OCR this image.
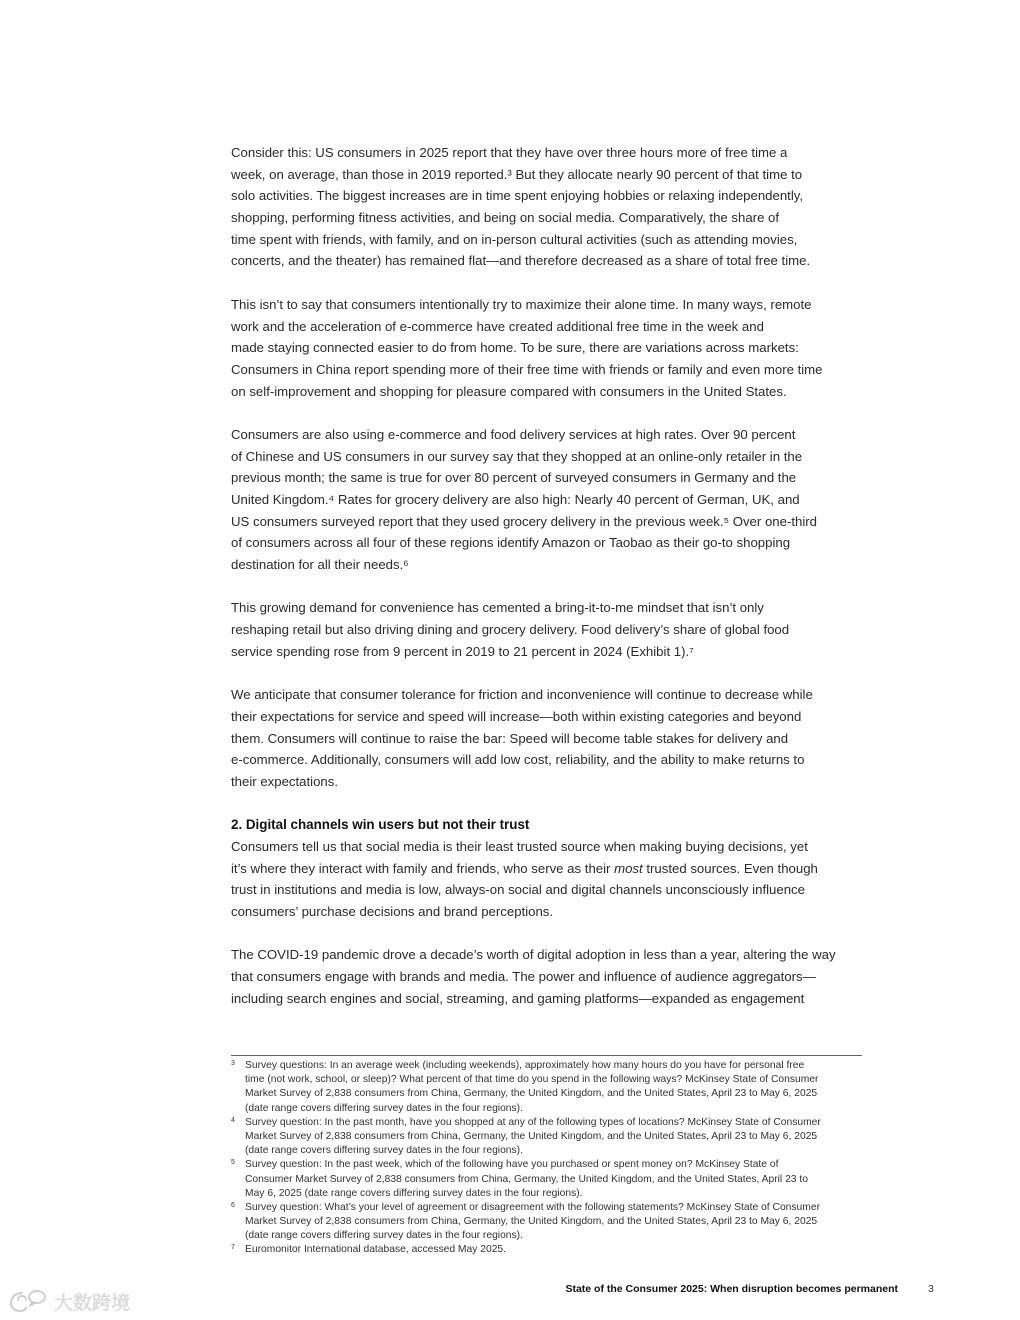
Consider this: US consumers in 2025 report that they have over three hours more of free time a
week, on average, than those in 2019 reported.³ But they allocate nearly 90 percent of that time to
solo activities. The biggest increases are in time spent enjoying hobbies or relaxing independently,
shopping, performing fitness activities, and being on social media. Comparatively, the share of
time spent with friends, with family, and on in-person cultural activities (such as attending movies,
concerts, and the theater) has remained flat—and therefore decreased as a share of total free time.
This isn’t to say that consumers intentionally try to maximize their alone time. In many ways, remote
work and the acceleration of e-commerce have created additional free time in the week and
made staying connected easier to do from home. To be sure, there are variations across markets:
Consumers in China report spending more of their free time with friends or family and even more time
on self-improvement and shopping for pleasure compared with consumers in the United States.
Consumers are also using e-commerce and food delivery services at high rates. Over 90 percent
of Chinese and US consumers in our survey say that they shopped at an online-only retailer in the
previous month; the same is true for over 80 percent of surveyed consumers in Germany and the
United Kingdom.⁴ Rates for grocery delivery are also high: Nearly 40 percent of German, UK, and
US consumers surveyed report that they used grocery delivery in the previous week.⁵ Over one-third
of consumers across all four of these regions identify Amazon or Taobao as their go-to shopping
destination for all their needs.⁶
This growing demand for convenience has cemented a bring-it-to-me mindset that isn’t only
reshaping retail but also driving dining and grocery delivery. Food delivery’s share of global food
service spending rose from 9 percent in 2019 to 21 percent in 2024 (Exhibit 1).⁷
We anticipate that consumer tolerance for friction and inconvenience will continue to decrease while
their expectations for service and speed will increase—both within existing categories and beyond
them. Consumers will continue to raise the bar: Speed will become table stakes for delivery and
e-commerce. Additionally, consumers will add low cost, reliability, and the ability to make returns to
their expectations.
2. Digital channels win users but not their trust
Consumers tell us that social media is their least trusted source when making buying decisions, yet
it’s where they interact with family and friends, who serve as their most trusted sources. Even though
trust in institutions and media is low, always-on social and digital channels unconsciously influence
consumers’ purchase decisions and brand perceptions.
The COVID-19 pandemic drove a decade’s worth of digital adoption in less than a year, altering the way
that consumers engage with brands and media. The power and influence of audience aggregators—
including search engines and social, streaming, and gaming platforms—expanded as engagement
3 Survey questions: In an average week (including weekends), approximately how many hours do you have for personal free
time (not work, school, or sleep)? What percent of that time do you spend in the following ways? McKinsey State of Consumer
Market Survey of 2,838 consumers from China, Germany, the United Kingdom, and the United States, April 23 to May 6, 2025
(date range covers differing survey dates in the four regions).
4 Survey question: In the past month, have you shopped at any of the following types of locations? McKinsey State of Consumer
Market Survey of 2,838 consumers from China, Germany, the United Kingdom, and the United States, April 23 to May 6, 2025
(date range covers differing survey dates in the four regions).
5 Survey question: In the past week, which of the following have you purchased or spent money on? McKinsey State of
Consumer Market Survey of 2,838 consumers from China, Germany, the United Kingdom, and the United States, April 23 to
May 6, 2025 (date range covers differing survey dates in the four regions).
6 Survey question: What’s your level of agreement or disagreement with the following statements? McKinsey State of Consumer
Market Survey of 2,838 consumers from China, Germany, the United Kingdom, and the United States, April 23 to May 6, 2025
(date range covers differing survey dates in the four regions).
7 Euromonitor International database, accessed May 2025.
State of the Consumer 2025: When disruption becomes permanent	3
大数跨境
